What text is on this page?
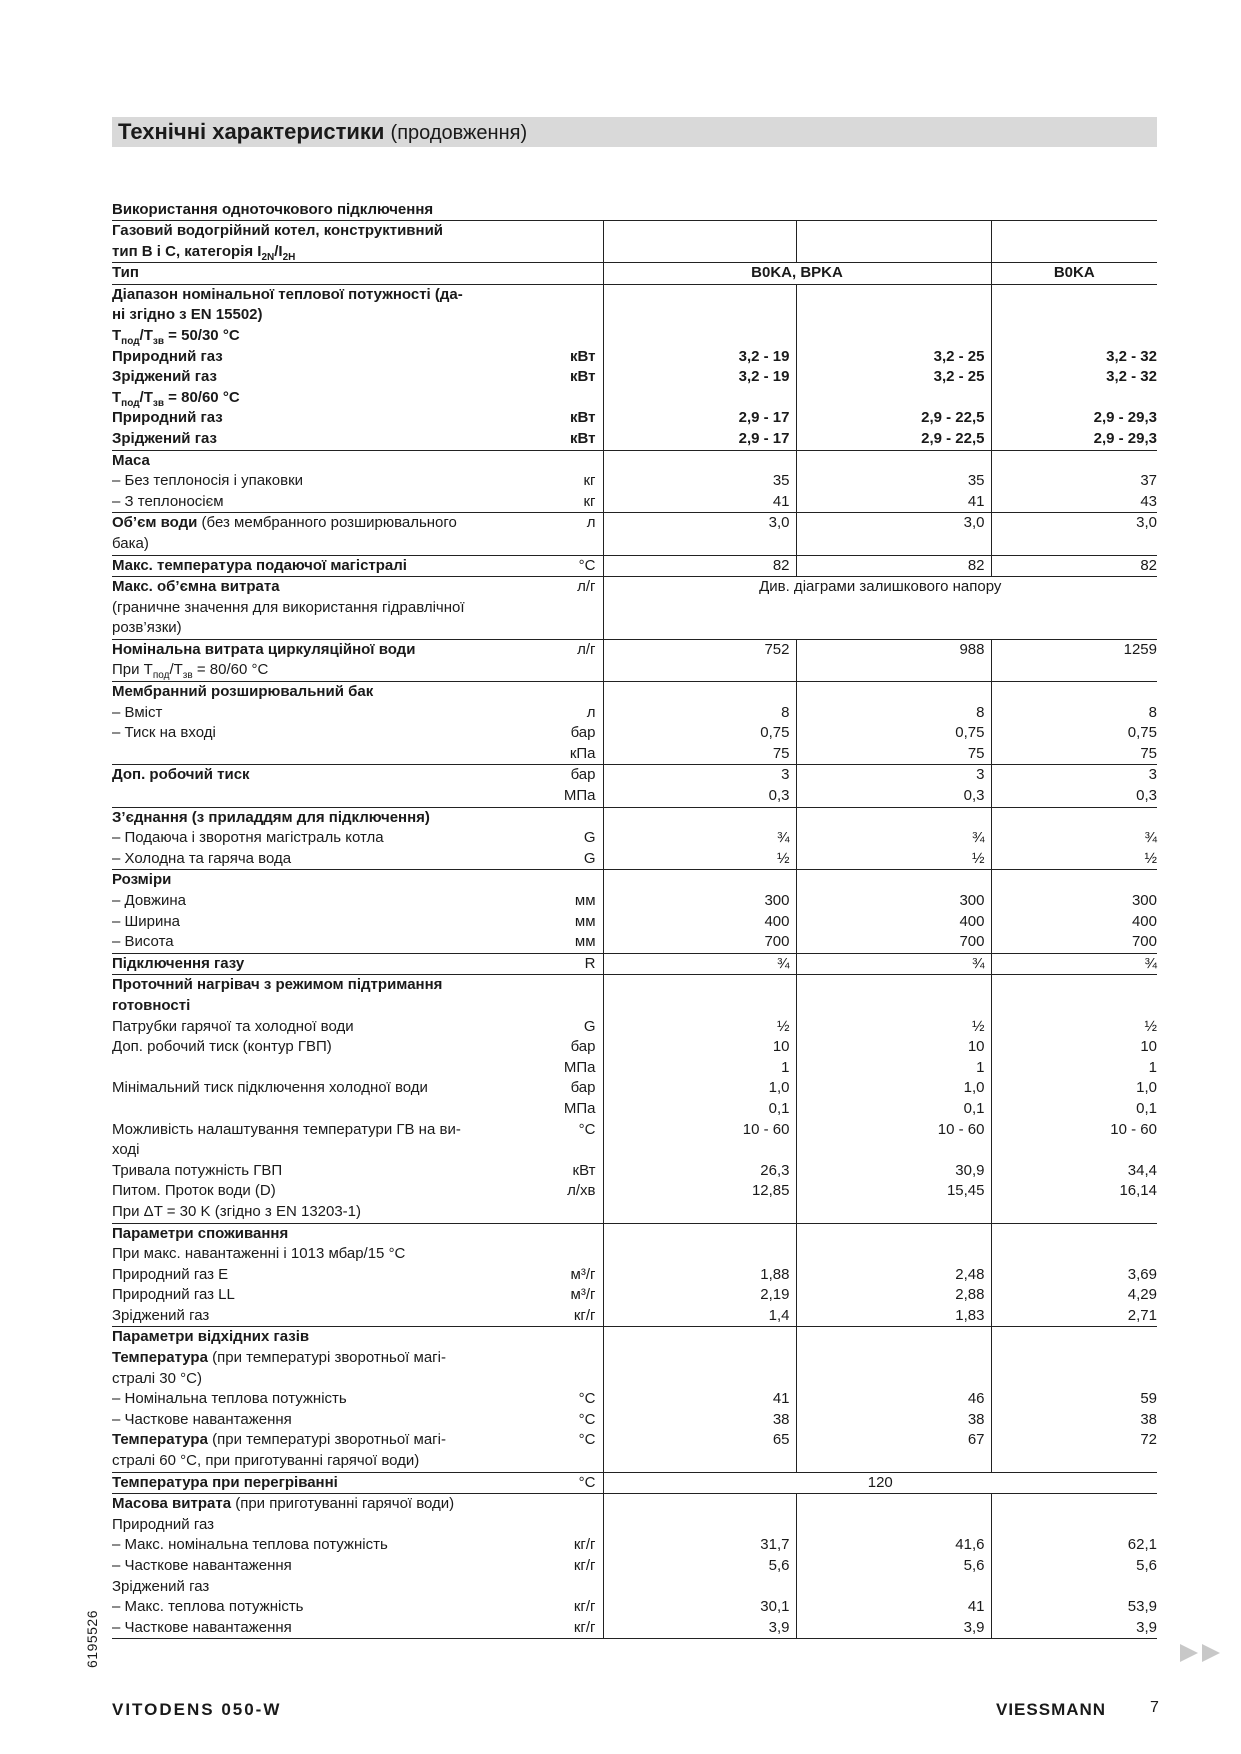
Технічні характеристики (продовження)
Використання одноточкового підключення
Газовий водогрійний котел, конструктивний
тип B і C, категорія $I_{2N}/I_{2H}$				
Тип		B0KA, BPKA		B0KA
Діапазон номінальної теплової потужності (да-
ні згідно з EN 15502)				
$T_{под}/T_{зв} = 50/30$ °C				
Природний газ	кВт	3,2 - 19	3,2 - 25	3,2 - 32
Зріджений газ	кВт	3,2 - 19	3,2 - 25	3,2 - 32
$T_{под}/T_{зв} = 80/60$ °C				
Природний газ	кВт	2,9 - 17	2,9 - 22,5	2,9 - 29,3
Зріджений газ	кВт	2,9 - 17	2,9 - 22,5	2,9 - 29,3
Маса				
– Без теплоносія і упаковки	кг	35	35	37
– З теплоносієм	кг	41	41	43
Об’єм води (без мембранного розширювального
бака)	л	3,0	3,0	3,0
Макс. температура подаючої магістралі	°C	82	82	82
Макс. об’ємна витрата
(граничне значення для використання гідравлічної
розв’язки)	л/г	Див. діаграми залишкового напору		
Номінальна витрата циркуляційної води
При $T_{под}/T_{зв} = 80/60$ °C	л/г	752	988	1259
Мембранний розширювальний бак				
– Вміст	л	8	8	8
– Тиск на вході	бар	0,75	0,75	0,75
	кПа	75	75	75
Доп. робочий тиск	бар	3	3	3
	МПа	0,3	0,3	0,3
З’єднання (з приладдям для підключення)				
– Подаюча і зворотня магістраль котла	G	¾	¾	¾
– Холодна та гаряча вода	G	½	½	½
Розміри				
– Довжина	мм	300	300	300
– Ширина	мм	400	400	400
– Висота	мм	700	700	700
Підключення газу	R	¾	¾	¾
Проточний нагрівач з режимом підтримання
готовності				
Патрубки гарячої та холодної води	G	½	½	½
Доп. робочий тиск (контур ГВП)	бар	10	10	10
	МПа	1	1	1
Мінімальний тиск підключення холодної води	бар	1,0	1,0	1,0
	МПа	0,1	0,1	0,1
Можливість налаштування температури ГВ на ви-
ході	°C	10 - 60	10 - 60	10 - 60
Тривала потужність ГВП	кВт	26,3	30,9	34,4
Питом. Проток води (D)
При ΔT = 30 K (згідно з EN 13203-1)	л/хв	12,85	15,45	16,14
Параметри споживання
При макс. навантаженні і 1013 мбар/15 °C				
Природний газ E	м³/г	1,88	2,48	3,69
Природний газ LL	м³/г	2,19	2,88	4,29
Зріджений газ	кг/г	1,4	1,83	2,71
Параметри відхідних газів				
Температура (при температурі зворотньої магі-
стралі 30 °C)				
– Номінальна теплова потужність	°C	41	46	59
– Часткове навантаження	°C	38	38	38
Температура (при температурі зворотньої магі-
стралі 60 °C, при приготуванні гарячої води)	°C	65	67	72
Температура при перегріванні	°C	120		
Масова витрата (при приготуванні гарячої води)
Природний газ				
– Макс. номінальна теплова потужність	кг/г	31,7	41,6	62,1
– Часткове навантаження	кг/г	5,6	5,6	5,6
Зріджений газ				
– Макс. теплова потужність	кг/г	30,1	41	53,9
– Часткове навантаження	кг/г	3,9	3,9	3,9
6195526
VITODENS 050-W	VIESSMANN	7
